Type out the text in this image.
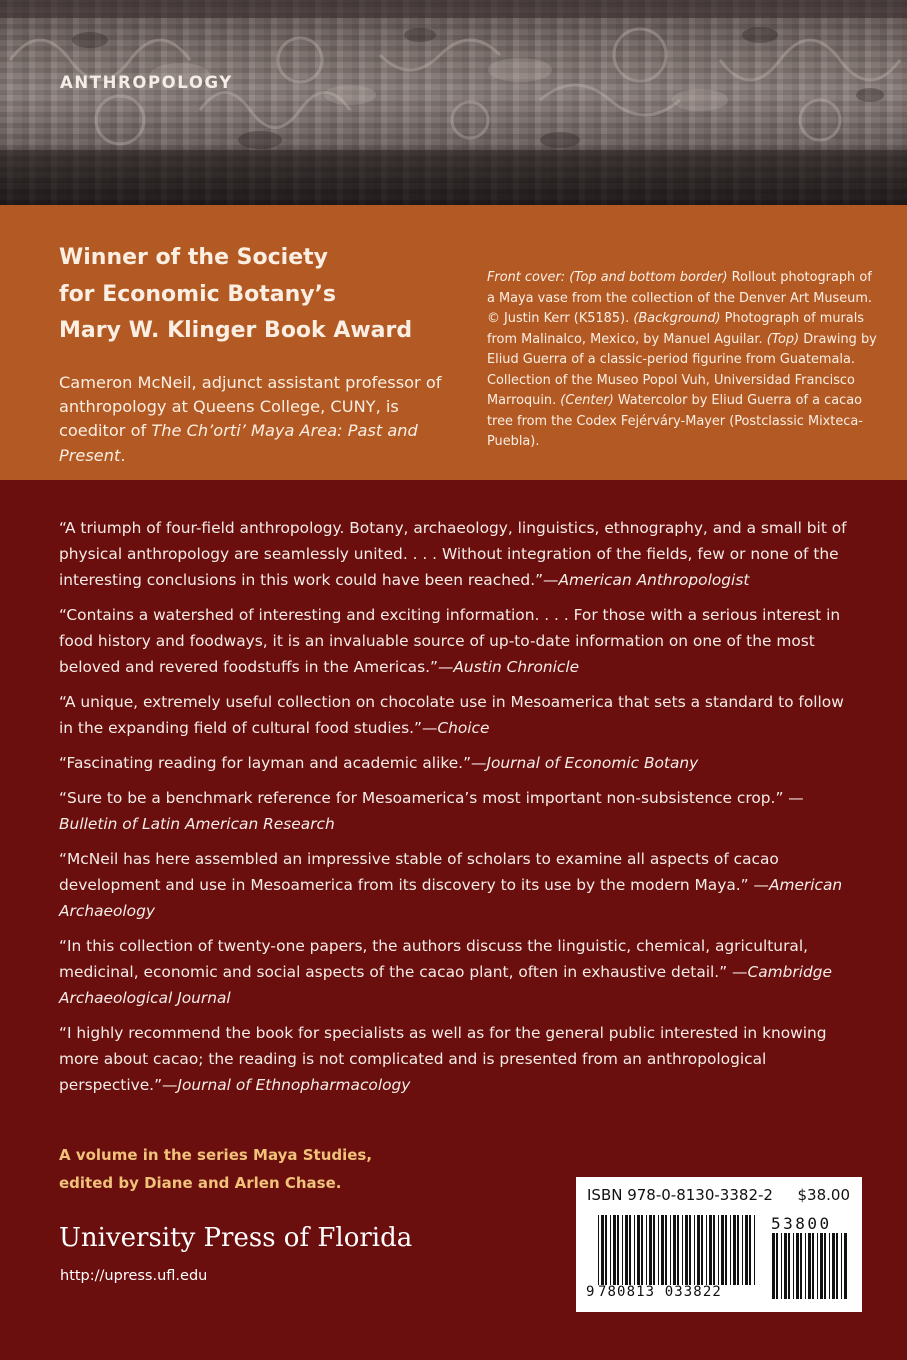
ANTHROPOLOGY
Winner of the Society
for Economic Botany’s
Mary W. Klinger Book Award
Cameron McNeil, adjunct assistant professor of anthropology at Queens College, CUNY, is coeditor of The Ch’orti’ Maya Area: Past and Present.
Front cover: (Top and bottom border) Rollout photograph of a Maya vase from the collection of the Denver Art Museum. © Justin Kerr (K5185). (Background) Photograph of murals from Malinalco, Mexico, by Manuel Aguilar. (Top) Drawing by Eliud Guerra of a classic-period figurine from Guatemala. Collection of the Museo Popol Vuh, Universidad Francisco Marroquin. (Center) Watercolor by Eliud Guerra of a cacao tree from the Codex Fejérváry-Mayer (Postclassic Mixteca-Puebla).
“A triumph of four-field anthropology. Botany, archaeology, linguistics, ethnography, and a small bit of physical anthropology are seamlessly united. . . . Without integration of the fields, few or none of the interesting conclusions in this work could have been reached.”—American Anthropologist
“Contains a watershed of interesting and exciting information. . . . For those with a serious interest in food history and foodways, it is an invaluable source of up-to-date information on one of the most beloved and revered foodstuffs in the Americas.”—Austin Chronicle
“A unique, extremely useful collection on chocolate use in Mesoamerica that sets a standard to follow in the expanding field of cultural food studies.”—Choice
“Fascinating reading for layman and academic alike.”—Journal of Economic Botany
“Sure to be a benchmark reference for Mesoamerica’s most important non-subsistence crop.” —Bulletin of Latin American Research
“McNeil has here assembled an impressive stable of scholars to examine all aspects of cacao development and use in Mesoamerica from its discovery to its use by the modern Maya.” —American Archaeology
“In this collection of twenty-one papers, the authors discuss the linguistic, chemical, agricultural, medicinal, economic and social aspects of the cacao plant, often in exhaustive detail.” —Cambridge Archaeological Journal
“I highly recommend the book for specialists as well as for the general public interested in knowing more about cacao; the reading is not complicated and is presented from an anthropological perspective.”—Journal of Ethnopharmacology
A volume in the series Maya Studies,
edited by Diane and Arlen Chase.
University Press of Florida
http://upress.ufl.edu
ISBN 978-0-8130-3382-2 $38.00
53800
9 780813 033822
